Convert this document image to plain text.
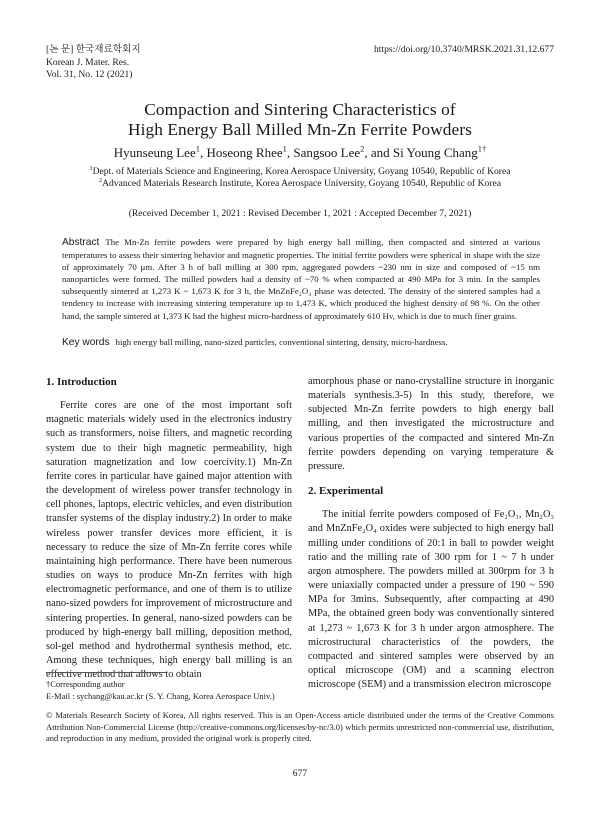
[논 문] 한국재료학회지
Korean J. Mater. Res.
Vol. 31, No. 12 (2021)
https://doi.org/10.3740/MRSK.2021.31.12.677
Compaction and Sintering Characteristics of
High Energy Ball Milled Mn-Zn Ferrite Powders
Hyunseung Lee$^1$, Hoseong Rhee$^1$, Sangsoo Lee$^2$, and Si Young Chang$^{1\dagger}$
$^1$Dept. of Materials Science and Engineering, Korea Aerospace University, Goyang 10540, Republic of Korea
$^2$Advanced Materials Research Institute, Korea Aerospace University, Goyang 10540, Republic of Korea
(Received December 1, 2021 : Revised December 1, 2021 : Accepted December 7, 2021)
Abstract The Mn-Zn ferrite powders were prepared by high energy ball milling, then compacted and sintered at various temperatures to assess their sintering behavior and magnetic properties. The initial ferrite powders were spherical in shape with the size of approximately 70 μm. After 3 h of ball milling at 300 rpm, aggregated powders ~230 nm in size and composed of ~15 nm nanoparticles were formed. The milled powders had a density of ~70 % when compacted at 490 MPa for 3 min. In the samples subsequently sintered at 1,273 K ~ 1,673 K for 3 h, the MnZnFe₂O₄ phase was detected. The density of the sintered samples had a tendency to increase with increasing sintering temperature up to 1,473 K, which produced the highest density of 98 %. On the other hand, the sample sintered at 1,373 K had the highest micro-hardness of approximately 610 Hv, which is due to much finer grains.
Key words high energy ball milling, nano-sized particles, conventional sintering, density, micro-hardness.
1. Introduction

Ferrite cores are one of the most important soft magnetic materials widely used in the electronics industry such as transformers, noise filters, and magnetic recording system due to their high magnetic permeability, high saturation magnetization and low coercivity.1) Mn-Zn ferrite cores in particular have gained major attention with the development of wireless power transfer technology in cell phones, laptops, electric vehicles, and even distribution transfer systems of the display industry.2) In order to make wireless power transfer devices more efficient, it is necessary to reduce the size of Mn-Zn ferrite cores while maintaining high performance. There have been numerous studies on ways to produce Mn-Zn ferrites with high electromagnetic performance, and one of them is to utilize nano-sized powders for improvement of microstructure and sintering properties. In general, nano-sized powders can be produced by high-energy ball milling, deposition method, sol-gel method and hydrothermal synthesis method, etc. Among these techniques, high energy ball milling is an effective method that allows to obtain

amorphous phase or nano-crystalline structure in inorganic materials synthesis.3-5) In this study, therefore, we subjected Mn-Zn ferrite powders to high energy ball milling, and then investigated the microstructure and various properties of the compacted and sintered Mn-Zn ferrite powders depending on varying temperature & pressure.

2. Experimental

The initial ferrite powders composed of Fe₂O₃, Mn₂O₃ and MnZnFe₂O₄ oxides were subjected to high energy ball milling under conditions of 20:1 in ball to powder weight ratio and the milling rate of 300 rpm for 1 ~ 7 h under argon atmosphere. The powders milled at 300rpm for 3 h were uniaxially compacted under a pressure of 190 ~ 590 MPa for 3mins. Subsequently, after compacting at 490 MPa, the obtained green body was conventionally sintered at 1,273 ~ 1,673 K for 3 h under argon atmosphere. The microstructural characteristics of the powders, the compacted and sintered samples were observed by an optical microscope (OM) and a scanning electron microscope (SEM) and a transmission electron microscope

†Corresponding author
E-Mail : sychang@kau.ac.kr (S. Y. Chang, Korea Aerospace Univ.)
© Materials Research Society of Korea, All rights reserved. This is an Open-Access article distributed under the terms of the Creative Commons Attribution Non-Commercial License (http://creative-commons.org/licenses/by-nc/3.0) which permits unrestricted non-commercial use, distribution, and reproduction in any medium, provided the original work is properly cited.
677
